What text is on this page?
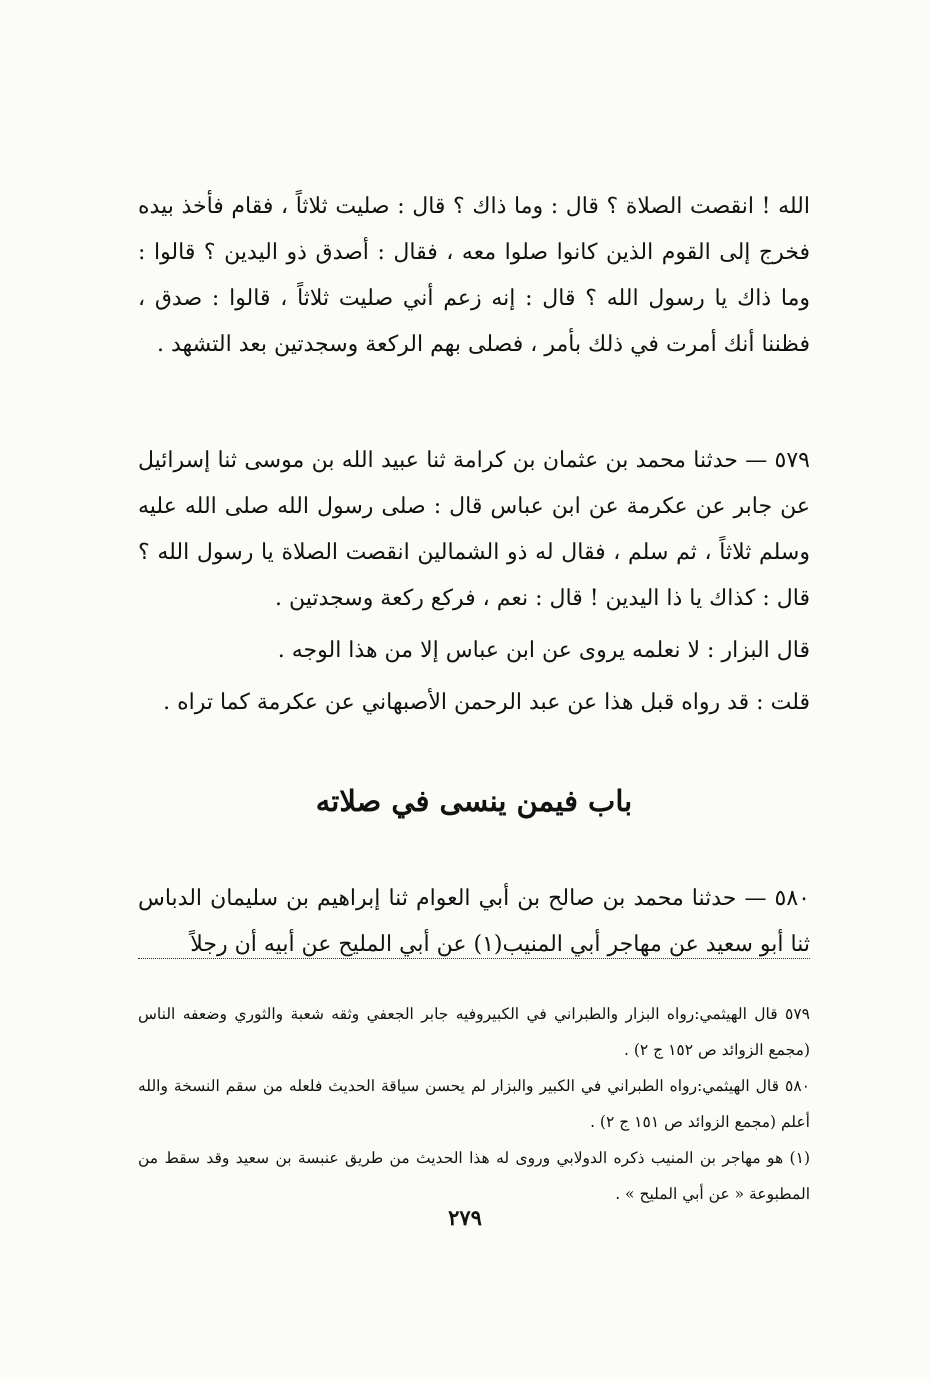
الله ! انقصت الصلاة ؟ قال : وما ذاك ؟ قال : صليت ثلاثاً ، فقام فأخذ بيده فخرج إلى القوم الذين كانوا صلوا معه ، فقال : أصدق ذو اليدين ؟ قالوا : وما ذاك يا رسول الله ؟ قال : إنه زعم أني صليت ثلاثاً ، قالوا : صدق ، فظننا أنك أمرت في ذلك بأمر ، فصلى بهم الركعة وسجدتين بعد التشهد .

٥٧٩ — حدثنا محمد بن عثمان بن كرامة ثنا عبيد الله بن موسى ثنا إسرائيل عن جابر عن عكرمة عن ابن عباس قال : صلى رسول الله صلى الله عليه وسلم ثلاثاً ، ثم سلم ، فقال له ذو الشمالين انقصت الصلاة يا رسول الله ؟ قال : كذاك يا ذا اليدين ! قال : نعم ، فركع ركعة وسجدتين .

قال البزار : لا نعلمه يروى عن ابن عباس إلا من هذا الوجه .

قلت : قد رواه قبل هذا عن عبد الرحمن الأصبهاني عن عكرمة كما تراه .

باب فيمن ينسى في صلاته

٥٨٠ — حدثنا محمد بن صالح بن أبي العوام ثنا إبراهيم بن سليمان الدباس ثنا أبو سعيد عن مهاجر أبي المنيب(١) عن أبي المليح عن أبيه أن رجلاً

٥٧٩ قال الهيثمي:رواه البزار والطبراني في الكبيروفيه جابر الجعفي وثقه شعبة والثوري وضعفه الناس (مجمع الزوائد ص ١٥٢ ج ٢) .

٥٨٠ قال الهيثمي:رواه الطبراني في الكبير والبزار لم يحسن سياقة الحديث فلعله من سقم النسخة والله أعلم (مجمع الزوائد ص ١٥١ ج ٢) .

(١) هو مهاجر بن المنيب ذكره الدولابي وروى له هذا الحديث من طريق عنبسة بن سعيد وقد سقط من المطبوعة « عن أبي المليح » .

٢٧٩
